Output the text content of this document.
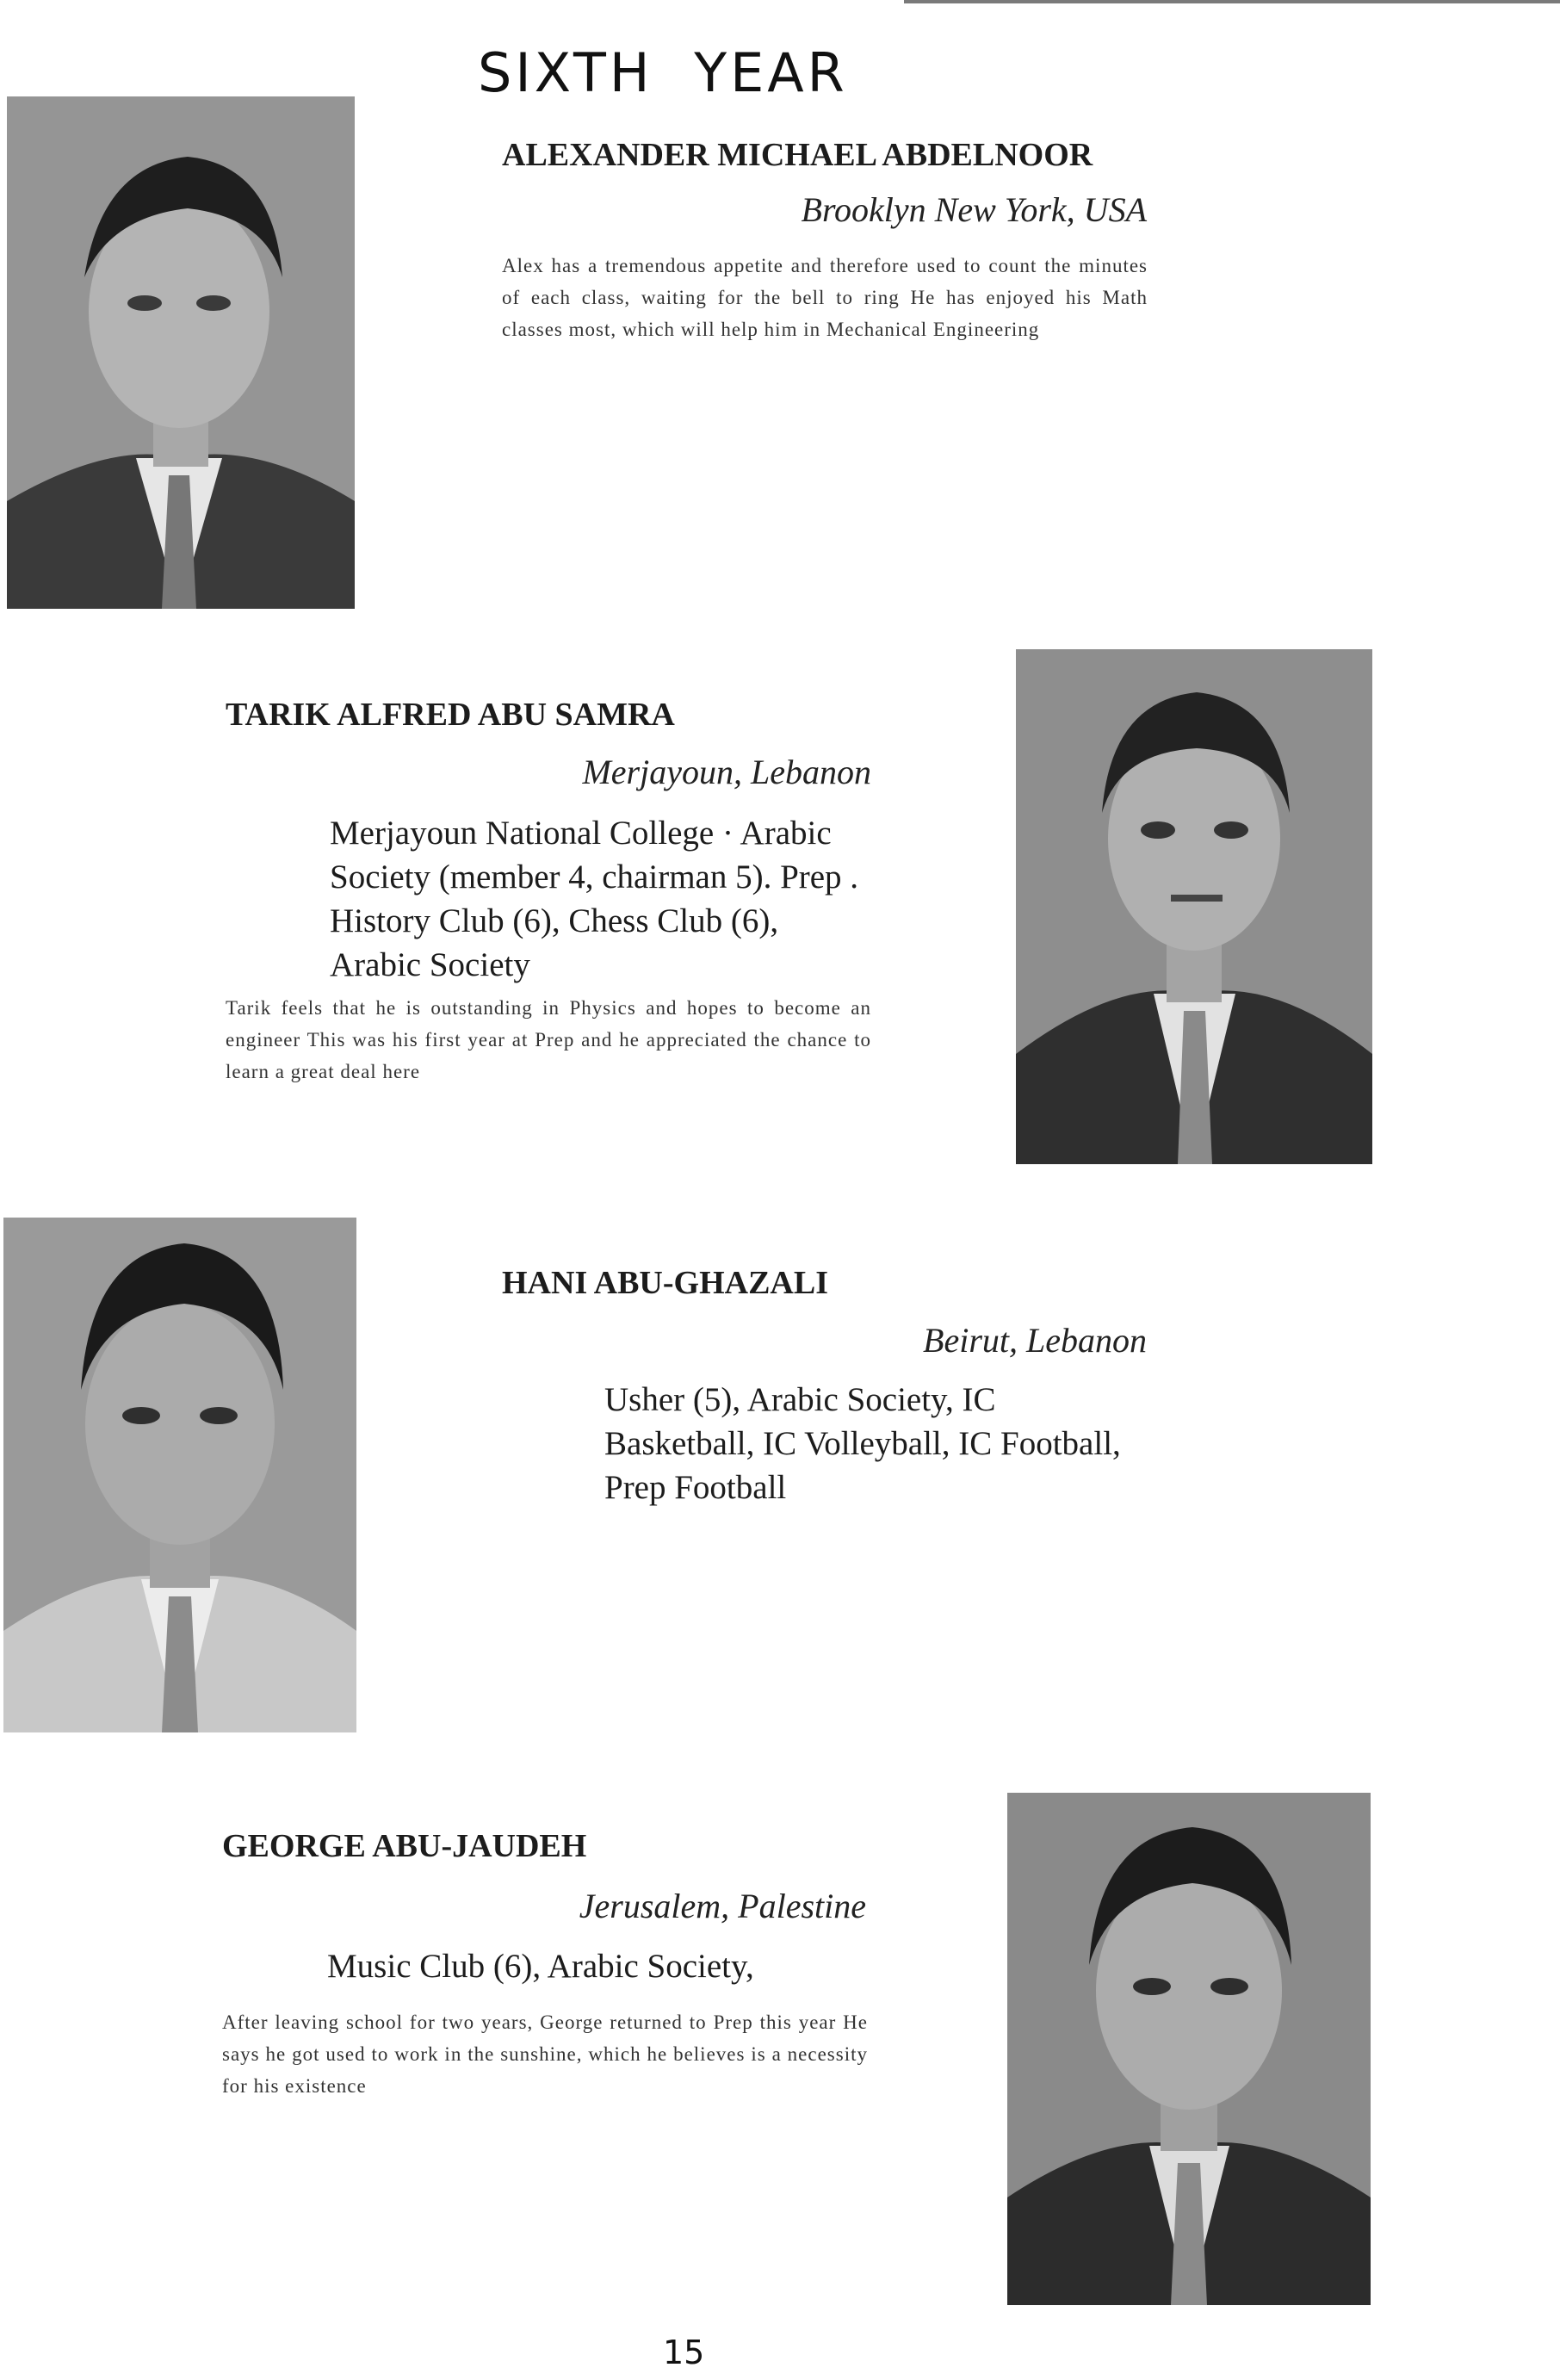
SIXTH YEAR
ALEXANDER MICHAEL ABDELNOOR
Brooklyn New York, USA
Alex has a tremendous appetite and therefore used to count the minutes of each class, waiting for the bell to ring He has enjoyed his Math classes most, which will help him in Mechanical Engineering
TARIK ALFRED ABU SAMRA
Merjayoun, Lebanon
Merjayoun National College · Arabic Society (member 4, chairman 5). Prep . History Club (6), Chess Club (6), Arabic Society
Tarik feels that he is outstanding in Physics and hopes to become an engineer This was his first year at Prep and he appreciated the chance to learn a great deal here
HANI ABU-GHAZALI
Beirut, Lebanon
Usher (5), Arabic Society, IC Basketball, IC Volleyball, IC Football, Prep Football
GEORGE ABU-JAUDEH
Jerusalem, Palestine
Music Club (6), Arabic Society,
After leaving school for two years, George returned to Prep this year He says he got used to work in the sunshine, which he believes is a necessity for his existence
15
